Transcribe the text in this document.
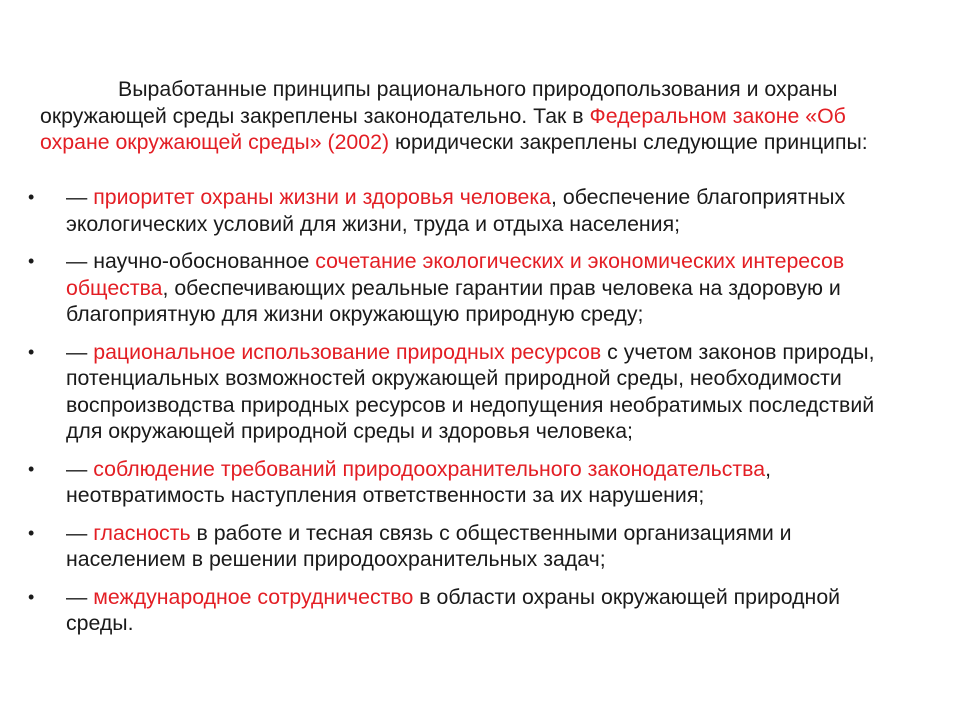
Выработанные принципы рационального природопользования и охраны окружающей среды закреплены законодательно. Так в Федеральном законе «Об охране окружающей среды» (2002) юридически закреплены следующие принципы:

• — приоритет охраны жизни и здоровья человека, обеспечение благоприятных экологических условий для жизни, труда и отдыха населения;
• — научно-обоснованное сочетание экологических и экономических интересов общества, обеспечивающих реальные гарантии прав человека на здоровую и благоприятную для жизни окружающую природную среду;
• — рациональное использование природных ресурсов с учетом законов природы, потенциальных возможностей окружающей природной среды, необходимости воспроизводства природных ресурсов и недопущения необратимых последствий для окружающей природной среды и здоровья человека;
• — соблюдение требований природоохранительного законодательства, неотвратимость наступления ответственности за их нарушения;
• — гласность в работе и тесная связь с общественными организациями и населением в решении природоохранительных задач;
• — международное сотрудничество в области охраны окружающей природной среды.
